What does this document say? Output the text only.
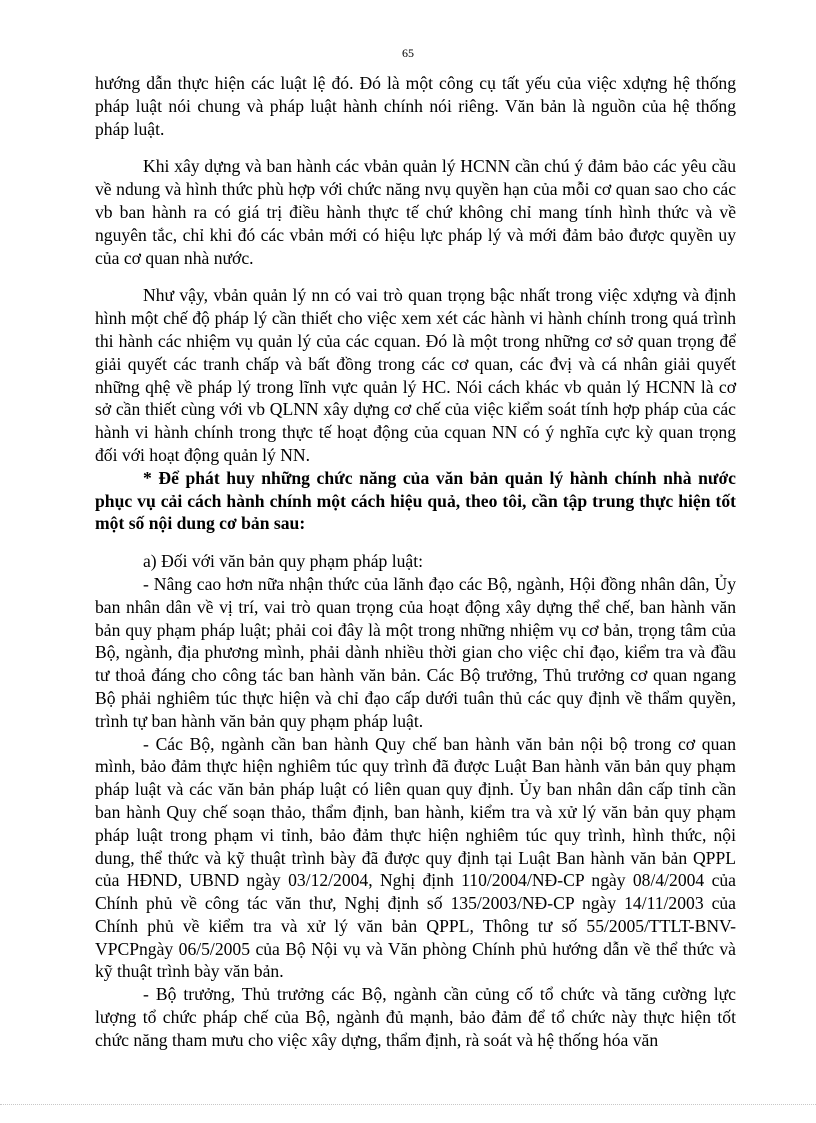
65

hướng dẫn thực hiện các luật lệ đó. Đó là một công cụ tất yếu của việc xdựng hệ thống pháp luật nói chung và pháp luật hành chính nói riêng. Văn bản là nguồn của hệ thống pháp luật.

Khi xây dựng và ban hành các vbản quản lý HCNN cần chú ý đảm bảo các yêu cầu về ndung và hình thức phù hợp với chức năng nvụ quyền hạn của mỗi cơ quan sao cho các vb ban hành ra có giá trị điều hành thực tế chứ không chỉ mang tính hình thức và về nguyên tắc, chỉ khi đó các vbản mới có hiệu lực pháp lý và mới đảm bảo được quyền uy của cơ quan nhà nước.

Như vậy, vbản quản lý nn có vai trò quan trọng bậc nhất trong việc xdựng và định hình một chế độ pháp lý cần thiết cho việc xem xét các hành vi hành chính trong quá trình thi hành các nhiệm vụ quản lý của các cquan. Đó là một trong những cơ sở quan trọng để giải quyết các tranh chấp và bất đồng trong các cơ quan, các đvị và cá nhân giải quyết những qhệ về pháp lý trong lĩnh vực quản lý HC. Nói cách khác vb quản lý HCNN là cơ sở cần thiết cùng với vb QLNN xây dựng cơ chế của việc kiểm soát tính hợp pháp của các hành vi hành chính trong thực tế hoạt động của cquan NN có ý nghĩa cực kỳ quan trọng đối với hoạt động quản lý NN.

* Để phát huy những chức năng của văn bản quản lý hành chính nhà nước phục vụ cải cách hành chính một cách hiệu quả, theo tôi, cần tập trung thực hiện tốt một số nội dung cơ bản sau:

a) Đối với văn bản quy phạm pháp luật:

- Nâng cao hơn nữa nhận thức của lãnh đạo các Bộ, ngành, Hội đồng nhân dân, Ủy ban nhân dân về vị trí, vai trò quan trọng của hoạt động xây dựng thể chế, ban hành văn bản quy phạm pháp luật; phải coi đây là một trong những nhiệm vụ cơ bản, trọng tâm của Bộ, ngành, địa phương mình, phải dành nhiều thời gian cho việc chỉ đạo, kiểm tra và đầu tư thoả đáng cho công tác ban hành văn bản. Các Bộ trưởng, Thủ trưởng cơ quan ngang Bộ phải nghiêm túc thực hiện và chỉ đạo cấp dưới tuân thủ các quy định về thẩm quyền, trình tự ban hành văn bản quy phạm pháp luật.

- Các Bộ, ngành cần ban hành Quy chế ban hành văn bản nội bộ trong cơ quan mình, bảo đảm thực hiện nghiêm túc quy trình đã được Luật Ban hành văn bản quy phạm pháp luật và các văn bản pháp luật có liên quan quy định. Ủy ban nhân dân cấp tỉnh cần ban hành Quy chế soạn thảo, thẩm định, ban hành, kiểm tra và xử lý văn bản quy phạm pháp luật trong phạm vi tỉnh, bảo đảm thực hiện nghiêm túc quy trình, hình thức, nội dung, thể thức và kỹ thuật trình bày đã được quy định tại Luật Ban hành văn bản QPPL của HĐND, UBND ngày 03/12/2004, Nghị định 110/2004/NĐ-CP ngày 08/4/2004 của Chính phủ về công tác văn thư, Nghị định số 135/2003/NĐ-CP ngày 14/11/2003 của Chính phủ về kiểm tra và xử lý văn bản QPPL, Thông tư số 55/2005/TTLT-BNV-VPCPngày 06/5/2005 của Bộ Nội vụ và Văn phòng Chính phủ hướng dẫn về thể thức và kỹ thuật trình bày văn bản.

- Bộ trưởng, Thủ trưởng các Bộ, ngành cần củng cố tổ chức và tăng cường lực lượng tổ chức pháp chế của Bộ, ngành đủ mạnh, bảo đảm để tổ chức này thực hiện tốt chức năng tham mưu cho việc xây dựng, thẩm định, rà soát và hệ thống hóa văn
